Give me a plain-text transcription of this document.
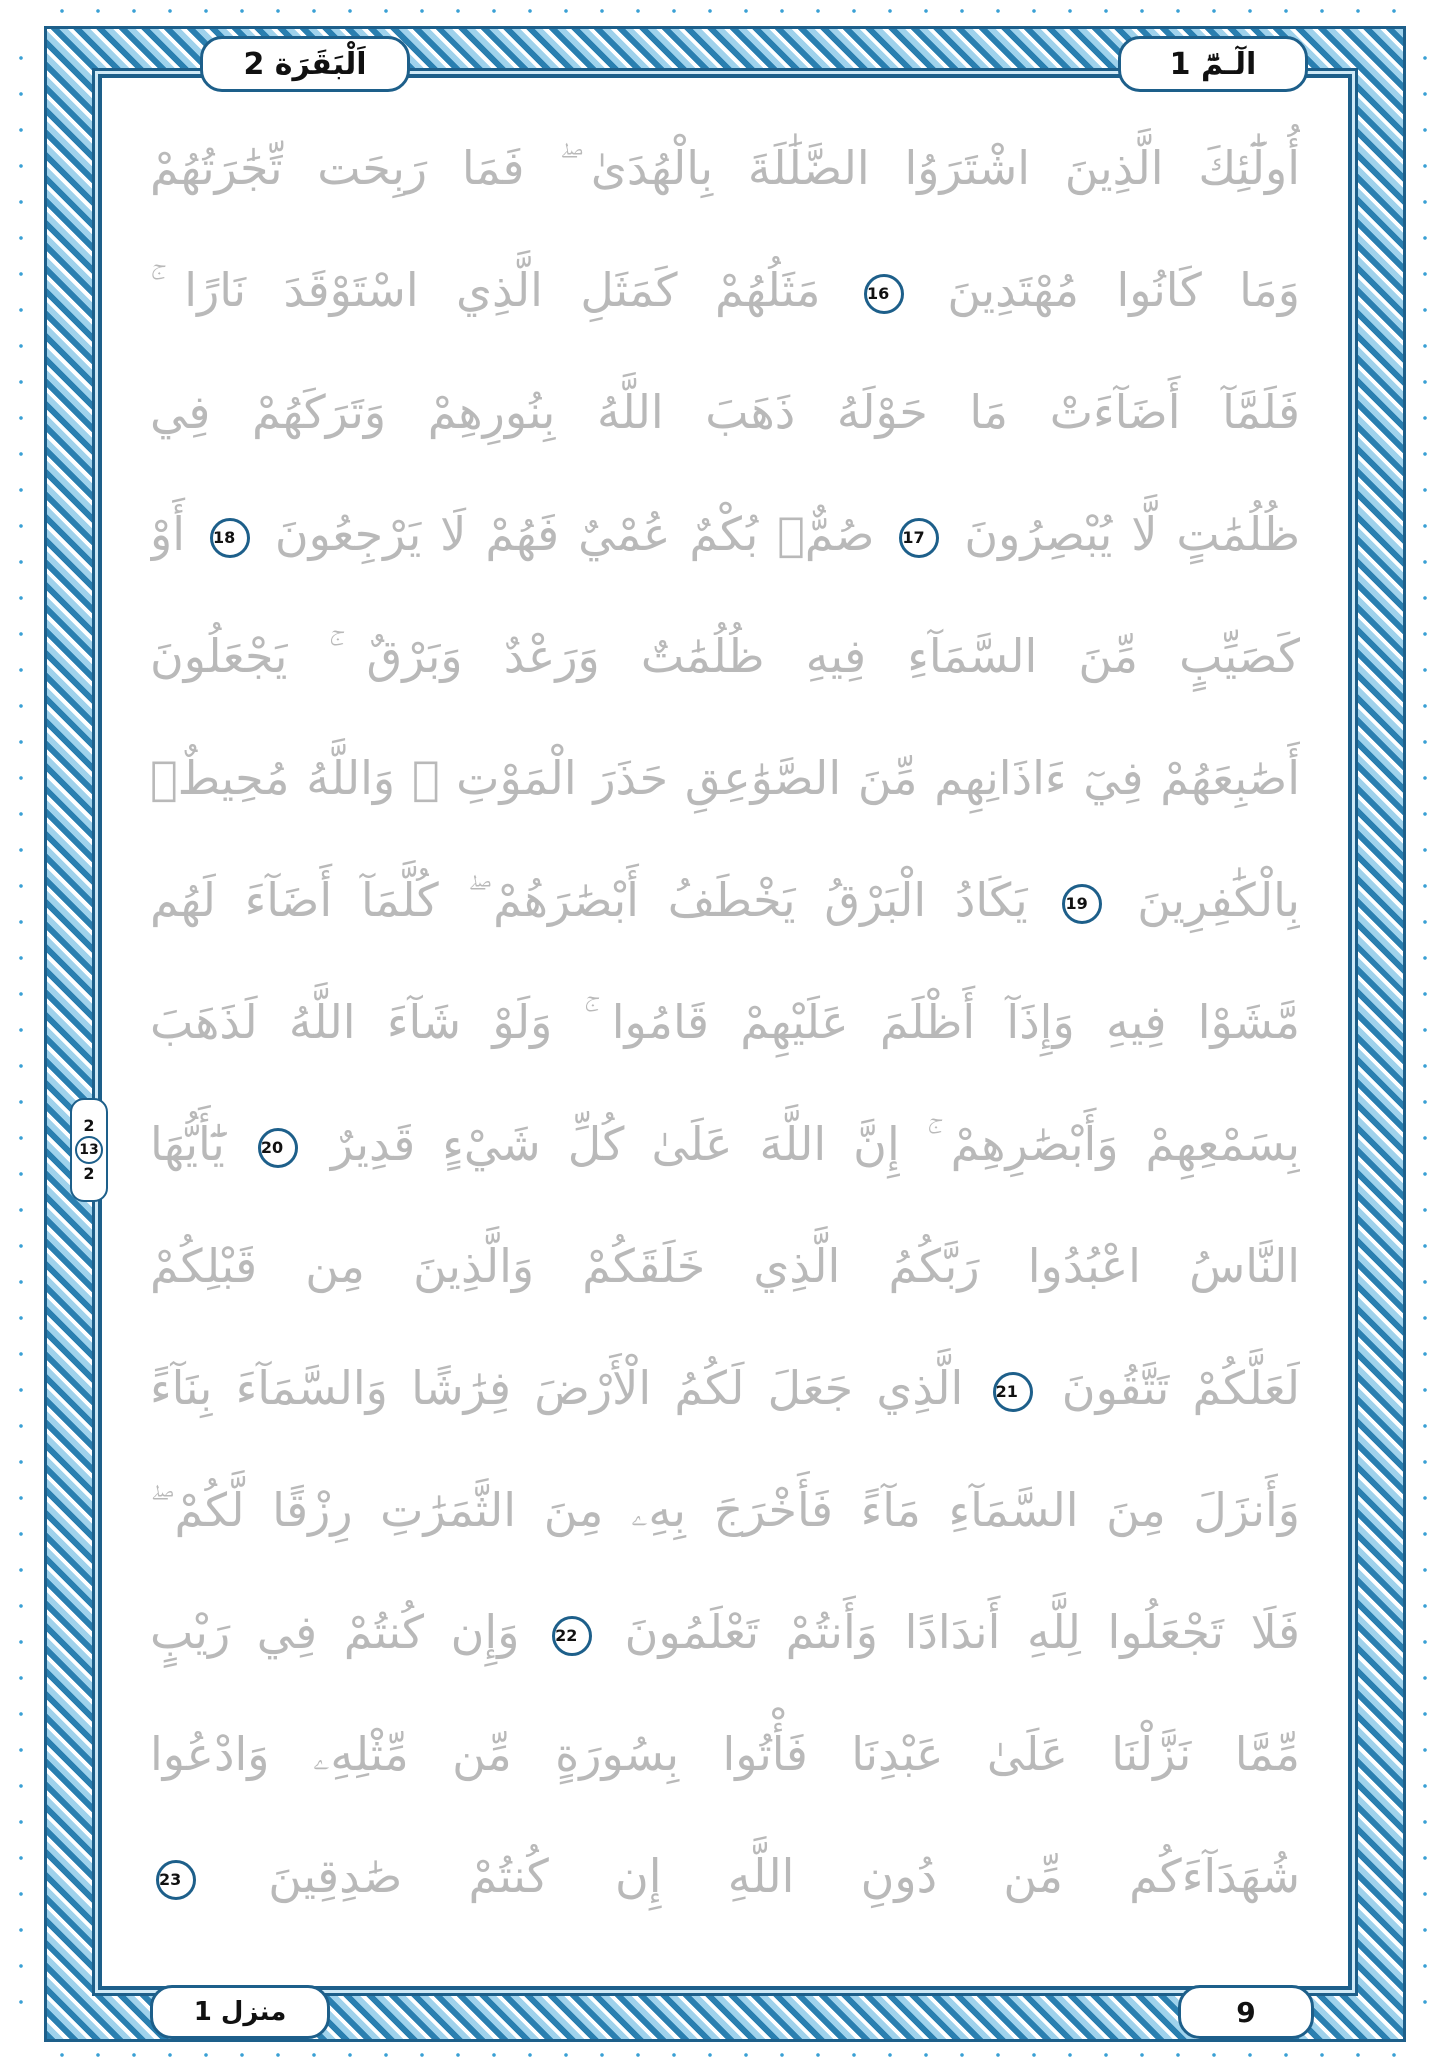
اَلْبَقَرَة 2	الٓـمّٓ 1
منزل 1	9
2
13
2
أُولَٰٓئِكَ الَّذِينَ اشْتَرَوُا الضَّلَٰلَةَ بِالْهُدَىٰ ۖ فَمَا رَبِحَت تِّجَٰرَتُهُمْ
وَمَا كَانُوا مُهْتَدِينَ 16 مَثَلُهُمْ كَمَثَلِ الَّذِي اسْتَوْقَدَ نَارًا ۚ
فَلَمَّآ أَضَآءَتْ مَا حَوْلَهُ ذَهَبَ اللَّهُ بِنُورِهِمْ وَتَرَكَهُمْ فِي
ظُلُمَٰتٍ لَّا يُبْصِرُونَ 17 صُمٌّۢ بُكْمٌ عُمْيٌ فَهُمْ لَا يَرْجِعُونَ 18 أَوْ
كَصَيِّبٍ مِّنَ السَّمَآءِ فِيهِ ظُلُمَٰتٌ وَرَعْدٌ وَبَرْقٌ ۚ يَجْعَلُونَ
أَصَٰبِعَهُمْ فِيٓ ءَاذَانِهِم مِّنَ الصَّوَٰعِقِ حَذَرَ الْمَوْتِ ۚ وَاللَّهُ مُحِيطٌۢ
بِالْكَٰفِرِينَ 19 يَكَادُ الْبَرْقُ يَخْطَفُ أَبْصَٰرَهُمْ ۖ كُلَّمَآ أَضَآءَ لَهُم
مَّشَوْا فِيهِ وَإِذَآ أَظْلَمَ عَلَيْهِمْ قَامُوا ۚ وَلَوْ شَآءَ اللَّهُ لَذَهَبَ
بِسَمْعِهِمْ وَأَبْصَٰرِهِمْ ۚ إِنَّ اللَّهَ عَلَىٰ كُلِّ شَيْءٍ قَدِيرٌ 20 يَٰٓأَيُّهَا
النَّاسُ اعْبُدُوا رَبَّكُمُ الَّذِي خَلَقَكُمْ وَالَّذِينَ مِن قَبْلِكُمْ
لَعَلَّكُمْ تَتَّقُونَ 21 الَّذِي جَعَلَ لَكُمُ الْأَرْضَ فِرَٰشًا وَالسَّمَآءَ بِنَآءً
وَأَنزَلَ مِنَ السَّمَآءِ مَآءً فَأَخْرَجَ بِهِۦ مِنَ الثَّمَرَٰتِ رِزْقًا لَّكُمْ ۖ
فَلَا تَجْعَلُوا لِلَّهِ أَندَادًا وَأَنتُمْ تَعْلَمُونَ 22 وَإِن كُنتُمْ فِي رَيْبٍ
مِّمَّا نَزَّلْنَا عَلَىٰ عَبْدِنَا فَأْتُوا بِسُورَةٍ مِّن مِّثْلِهِۦ وَادْعُوا
شُهَدَآءَكُم مِّن دُونِ اللَّهِ إِن كُنتُمْ صَٰدِقِينَ 23
